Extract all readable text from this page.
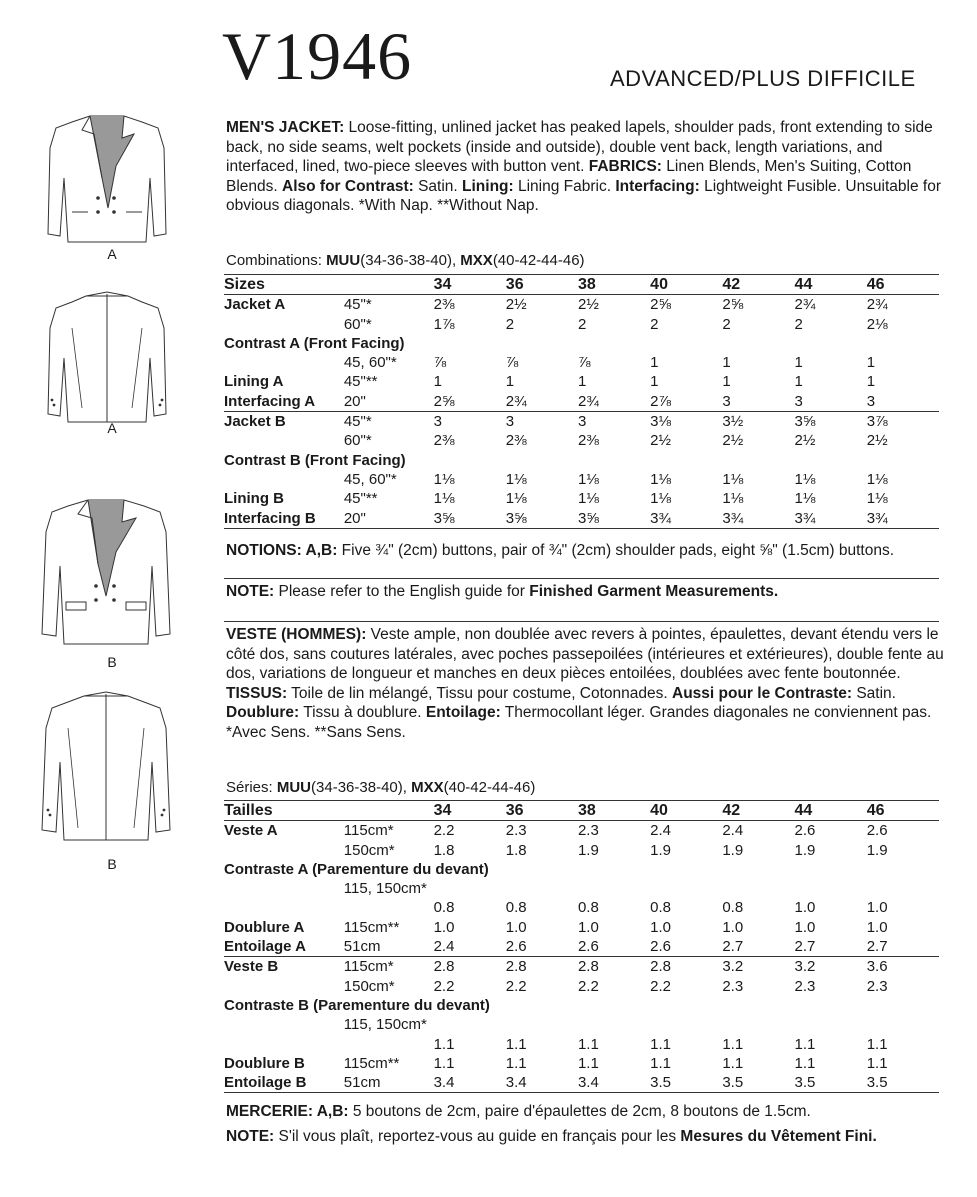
V1946	ADVANCED/PLUS DIFFICILE
A
A
B
B
MEN'S JACKET: Loose-fitting, unlined jacket has peaked lapels, shoulder pads, front extending to side back, no side seams, welt pockets (inside and outside), double vent back, length variations, and interfaced, lined, two-piece sleeves with button vent. FABRICS: Linen Blends, Men's Suiting, Cotton Blends. Also for Contrast: Satin. Lining: Lining Fabric. Interfacing: Lightweight Fusible. Unsuitable for obvious diagonals. *With Nap. **Without Nap.
Combinations: MUU(34-36-38-40), MXX(40-42-44-46)
Sizes		34	36	38	40	42	44	46
Jacket A	45"*	2⅜	2½	2½	2⅝	2⅝	2¾	2¾
	60"*	1⅞	2	2	2	2	2	2⅛
Contrast A (Front Facing)								
	45, 60"*	⅞	⅞	⅞	1	1	1	1
Lining A	45"**	1	1	1	1	1	1	1
Interfacing A	20"	2⅝	2¾	2¾	2⅞	3	3	3
Jacket B	45"*	3	3	3	3⅛	3½	3⅝	3⅞
	60"*	2⅜	2⅜	2⅜	2½	2½	2½	2½
Contrast B (Front Facing)								
	45, 60"*	1⅛	1⅛	1⅛	1⅛	1⅛	1⅛	1⅛
Lining B	45"**	1⅛	1⅛	1⅛	1⅛	1⅛	1⅛	1⅛
Interfacing B	20"	3⅝	3⅝	3⅝	3¾	3¾	3¾	3¾
NOTIONS: A,B: Five ¾" (2cm) buttons, pair of ¾" (2cm) shoulder pads, eight ⅝" (1.5cm) buttons.
NOTE: Please refer to the English guide for Finished Garment Measurements.
VESTE (HOMMES): Veste ample, non doublée avec revers à pointes, épaulettes, devant étendu vers le côté dos, sans coutures latérales, avec poches passepoilées (intérieures et extérieures), double fente au dos, variations de longueur et manches en deux pièces entoilées, doublées avec fente boutonnée. TISSUS: Toile de lin mélangé, Tissu pour costume, Cotonnades. Aussi pour le Contraste: Satin. Doublure: Tissu à doublure. Entoilage: Thermocollant léger. Grandes diagonales ne conviennent pas. *Avec Sens. **Sans Sens.
Séries: MUU(34-36-38-40), MXX(40-42-44-46)
Tailles		34	36	38	40	42	44	46
Veste A	115cm*	2.2	2.3	2.3	2.4	2.4	2.6	2.6
	150cm*	1.8	1.8	1.9	1.9	1.9	1.9	1.9
Contraste A (Parementure du devant)								
	115, 150cm*							
		0.8	0.8	0.8	0.8	0.8	1.0	1.0
Doublure A	115cm**	1.0	1.0	1.0	1.0	1.0	1.0	1.0
Entoilage A	51cm	2.4	2.6	2.6	2.6	2.7	2.7	2.7
Veste B	115cm*	2.8	2.8	2.8	2.8	3.2	3.2	3.6
	150cm*	2.2	2.2	2.2	2.2	2.3	2.3	2.3
Contraste B (Parementure du devant)								
	115, 150cm*							
		1.1	1.1	1.1	1.1	1.1	1.1	1.1
Doublure B	115cm**	1.1	1.1	1.1	1.1	1.1	1.1	1.1
Entoilage B	51cm	3.4	3.4	3.4	3.5	3.5	3.5	3.5
MERCERIE: A,B: 5 boutons de 2cm, paire d'épaulettes de 2cm, 8 boutons de 1.5cm.
NOTE: S'il vous plaît, reportez-vous au guide en français pour les Mesures du Vêtement Fini.
